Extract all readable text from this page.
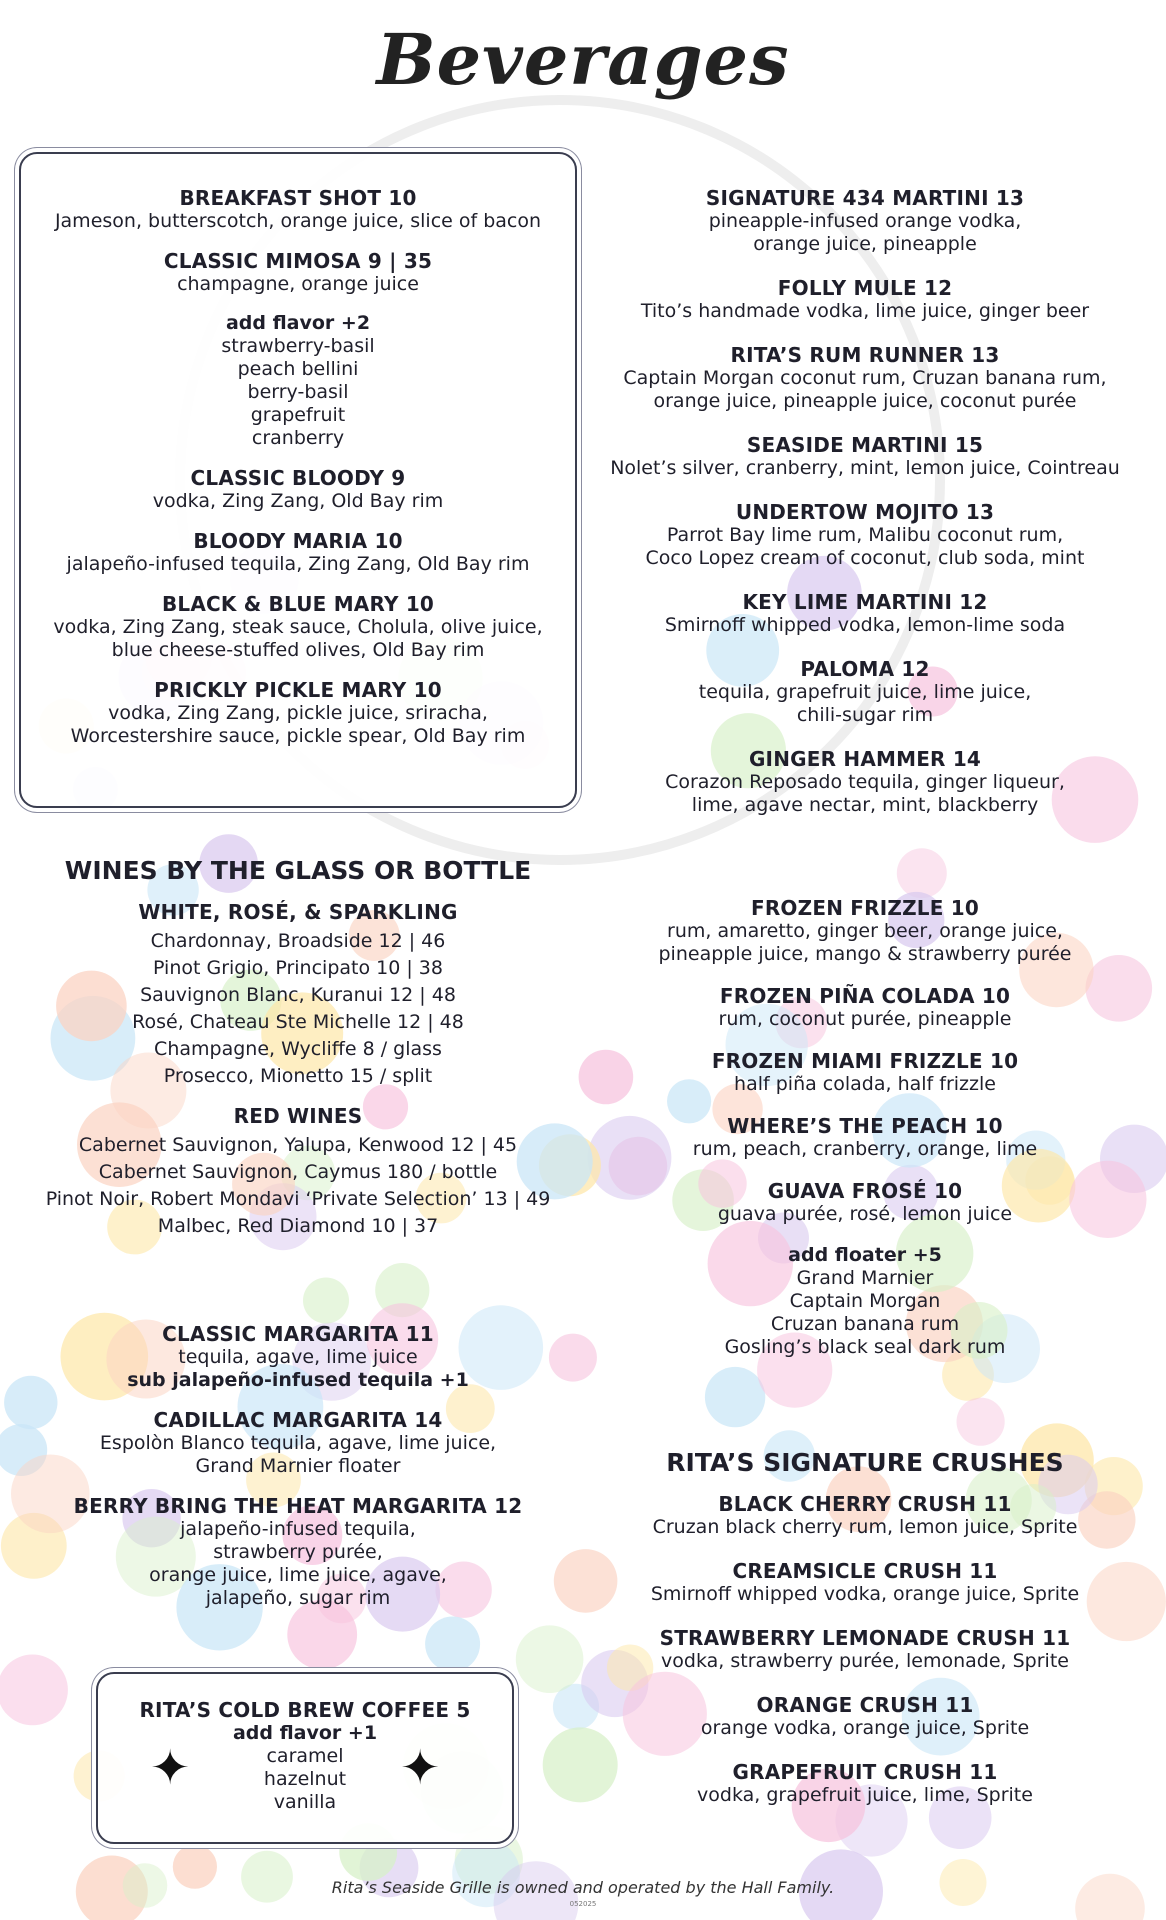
Beverages
BREAKFAST SHOT 10
Jameson, butterscotch, orange juice, slice of bacon
CLASSIC MIMOSA 9 | 35
champagne, orange juice
add flavor +2
strawberry-basil
peach bellini
berry-basil
grapefruit
cranberry
CLASSIC BLOODY 9
vodka, Zing Zang, Old Bay rim
BLOODY MARIA 10
jalapeño-infused tequila, Zing Zang, Old Bay rim
BLACK & BLUE MARY 10
vodka, Zing Zang, steak sauce, Cholula, olive juice,
blue cheese-stuffed olives, Old Bay rim
PRICKLY PICKLE MARY 10
vodka, Zing Zang, pickle juice, sriracha,
Worcestershire sauce, pickle spear, Old Bay rim
WINES BY THE GLASS OR BOTTLE
WHITE, ROSÉ, & SPARKLING
Chardonnay, Broadside 12 | 46
Pinot Grigio, Principato 10 | 38
Sauvignon Blanc, Kuranui 12 | 48
Rosé, Chateau Ste Michelle 12 | 48
Champagne, Wycliffe 8 / glass
Prosecco, Mionetto 15 / split
RED WINES
Cabernet Sauvignon, Yalupa, Kenwood 12 | 45
Cabernet Sauvignon, Caymus 180 / bottle
Pinot Noir, Robert Mondavi ‘Private Selection’ 13 | 49
Malbec, Red Diamond 10 | 37
CLASSIC MARGARITA 11
tequila, agave, lime juice
sub jalapeño-infused tequila +1
CADILLAC MARGARITA 14
Espolòn Blanco tequila, agave, lime juice,
Grand Marnier floater
BERRY BRING THE HEAT MARGARITA 12
jalapeño-infused tequila,
strawberry purée,
orange juice, lime juice, agave,
jalapeño, sugar rim
RITA’S COLD BREW COFFEE 5
add flavor +1
caramel
hazelnut
vanilla
✦	✦
SIGNATURE 434 MARTINI 13
pineapple-infused orange vodka,
orange juice, pineapple
FOLLY MULE 12
Tito’s handmade vodka, lime juice, ginger beer
RITA’S RUM RUNNER 13
Captain Morgan coconut rum, Cruzan banana rum,
orange juice, pineapple juice, coconut purée
SEASIDE MARTINI 15
Nolet’s silver, cranberry, mint, lemon juice, Cointreau
UNDERTOW MOJITO 13
Parrot Bay lime rum, Malibu coconut rum,
Coco Lopez cream of coconut, club soda, mint
KEY LIME MARTINI 12
Smirnoff whipped vodka, lemon-lime soda
PALOMA 12
tequila, grapefruit juice, lime juice,
chili-sugar rim
GINGER HAMMER 14
Corazon Reposado tequila, ginger liqueur,
lime, agave nectar, mint, blackberry
FROZEN FRIZZLE 10
rum, amaretto, ginger beer, orange juice,
pineapple juice, mango & strawberry purée
FROZEN PIÑA COLADA 10
rum, coconut purée, pineapple
FROZEN MIAMI FRIZZLE 10
half piña colada, half frizzle
WHERE’S THE PEACH 10
rum, peach, cranberry, orange, lime
GUAVA FROSÉ 10
guava purée, rosé, lemon juice
add floater +5
Grand Marnier
Captain Morgan
Cruzan banana rum
Gosling’s black seal dark rum
RITA’S SIGNATURE CRUSHES
BLACK CHERRY CRUSH 11
Cruzan black cherry rum, lemon juice, Sprite
CREAMSICLE CRUSH 11
Smirnoff whipped vodka, orange juice, Sprite
STRAWBERRY LEMONADE CRUSH 11
vodka, strawberry purée, lemonade, Sprite
ORANGE CRUSH 11
orange vodka, orange juice, Sprite
GRAPEFRUIT CRUSH 11
vodka, grapefruit juice, lime, Sprite
Rita’s Seaside Grille is owned and operated by the Hall Family.
052025
